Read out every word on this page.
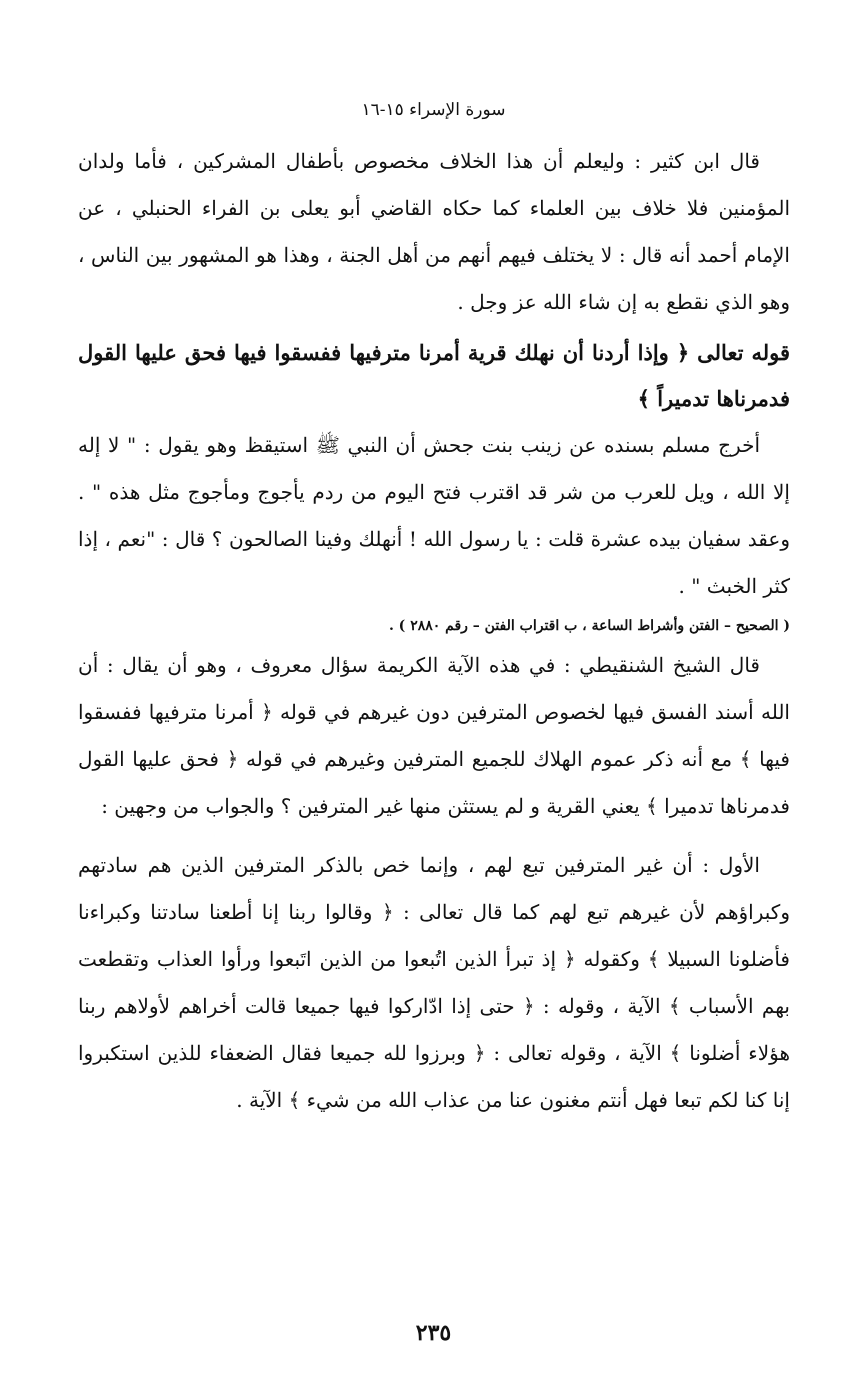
سورة الإسراء ١٥-١٦

قال ابن كثير : وليعلم أن هذا الخلاف مخصوص بأطفال المشركين ، فأما ولدان المؤمنين فلا خلاف بين العلماء كما حكاه القاضي أبو يعلى بن الفراء الحنبلي ، عن الإمام أحمد أنه قال : لا يختلف فيهم أنهم من أهل الجنة ، وهذا هو المشهور بين الناس ، وهو الذي نقطع به إن شاء الله عز وجل .

قوله تعالى ﴿ وإذا أردنا أن نهلك قرية أمرنا مترفيها ففسقوا فيها فحق عليها القول فدمرناها تدميراً ﴾

أخرج مسلم بسنده عن زينب بنت جحش أن النبي ﷺ استيقظ وهو يقول : " لا إله إلا الله ، ويل للعرب من شر قد اقترب فتح اليوم من ردم يأجوج ومأجوج مثل هذه " . وعقد سفيان بيده عشرة قلت : يا رسول الله ! أنهلك وفينا الصالحون ؟ قال : "نعم ، إذا كثر الخبث " .

( الصحيح – الفتن وأشراط الساعة ، ب اقتراب الفتن – رقم ٢٨٨٠ ) .

قال الشيخ الشنقيطي : في هذه الآية الكريمة سؤال معروف ، وهو أن يقال : أن الله أسند الفسق فيها لخصوص المترفين دون غيرهم في قوله ﴿ أمرنا مترفيها ففسقوا فيها ﴾ مع أنه ذكر عموم الهلاك للجميع المترفين وغيرهم في قوله ﴿ فحق عليها القول فدمرناها تدميرا ﴾ يعني القرية و لم يستثن منها غير المترفين ؟ والجواب من وجهين :

الأول : أن غير المترفين تبع لهم ، وإنما خص بالذكر المترفين الذين هم سادتهم وكبراؤهم لأن غيرهم تبع لهم كما قال تعالى : ﴿ وقالوا ربنا إنا أطعنا سادتنا وكبراءنا فأضلونا السبيلا ﴾ وكقوله ﴿ إذ تبرأ الذين اتُبعوا من الذين اتَبعوا ورأوا العذاب وتقطعت بهم الأسباب ﴾ الآية ، وقوله : ﴿ حتى إذا ادّاركوا فيها جميعا قالت أخراهم لأولاهم ربنا هؤلاء أضلونا ﴾ الآية ، وقوله تعالى : ﴿ وبرزوا لله جميعا فقال الضعفاء للذين استكبروا إنا كنا لكم تبعا فهل أنتم مغنون عنا من عذاب الله من شيء ﴾ الآية .

٢٣٥
